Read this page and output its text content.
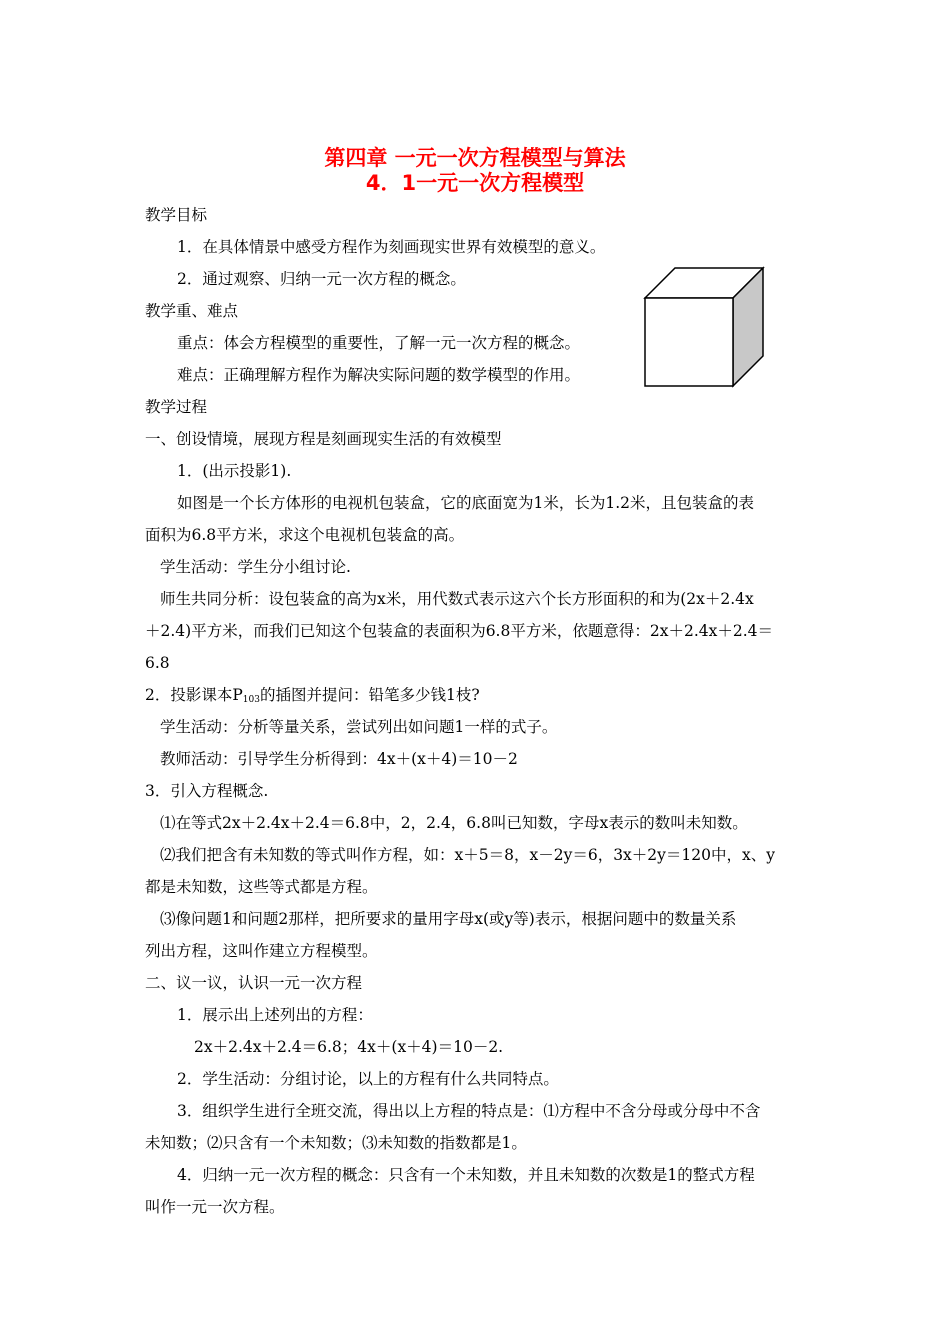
第四章 一元一次方程模型与算法
4．1一元一次方程模型
教学目标
1．在具体情景中感受方程作为刻画现实世界有效模型的意义。
2．通过观察、归纳一元一次方程的概念。
教学重、难点
重点：体会方程模型的重要性，了解一元一次方程的概念。
难点：正确理解方程作为解决实际问题的数学模型的作用。
教学过程
一、创设情境，展现方程是刻画现实生活的有效模型
1．(出示投影1).
如图是一个长方体形的电视机包装盒，它的底面宽为1米，长为1.2米，且包装盒的表
面积为6.8平方米，求这个电视机包装盒的高。
学生活动：学生分小组讨论.
师生共同分析：设包装盒的高为x米，用代数式表示这六个长方形面积的和为(2x＋2.4x
＋2.4)平方米，而我们已知这个包装盒的表面积为6.8平方米，依题意得：2x＋2.4x＋2.4＝
6.8
2．投影课本$P_{103}$的插图并提问：铅笔多少钱1枝?
学生活动：分析等量关系，尝试列出如问题1一样的式子。
教师活动：引导学生分析得到：4x＋(x＋4)＝10－2
3．引入方程概念.
⑴在等式2x＋2.4x＋2.4＝6.8中，2，2.4，6.8叫已知数，字母x表示的数叫未知数。
⑵我们把含有未知数的等式叫作方程，如：x＋5＝8，x－2y＝6，3x＋2y＝120中，x、y
都是未知数，这些等式都是方程。
⑶像问题1和问题2那样，把所要求的量用字母x(或y等)表示，根据问题中的数量关系
列出方程，这叫作建立方程模型。
二、议一议，认识一元一次方程
1．展示出上述列出的方程：
2x＋2.4x＋2.4＝6.8；4x＋(x＋4)＝10－2.
2．学生活动：分组讨论，以上的方程有什么共同特点。
3．组织学生进行全班交流，得出以上方程的特点是：⑴方程中不含分母或分母中不含
未知数；⑵只含有一个未知数；⑶未知数的指数都是1。
4．归纳一元一次方程的概念：只含有一个未知数，并且未知数的次数是1的整式方程
叫作一元一次方程。
